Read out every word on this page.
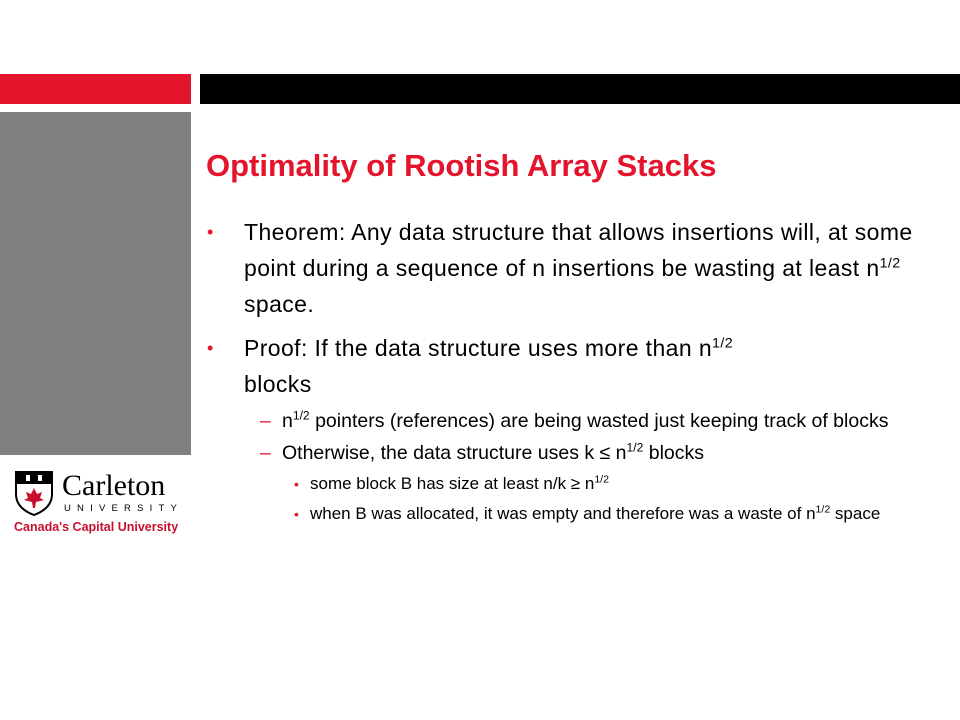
Carleton
UNIVERSITY
Canada's Capital University
Optimality of Rootish Array Stacks
• Theorem: Any data structure that allows insertions will, at some point during a sequence of n insertions be wasting at least $n^{1/2}$ space.
• Proof: If the data structure uses more than $n^{1/2}$
blocks
– $n^{1/2}$ pointers (references) are being wasted just keeping track of blocks
– Otherwise, the data structure uses $k \le n^{1/2}$ blocks
• some block B has size at least $n/k \ge n^{1/2}$
• when B was allocated, it was empty and therefore was a waste of $n^{1/2}$ space
